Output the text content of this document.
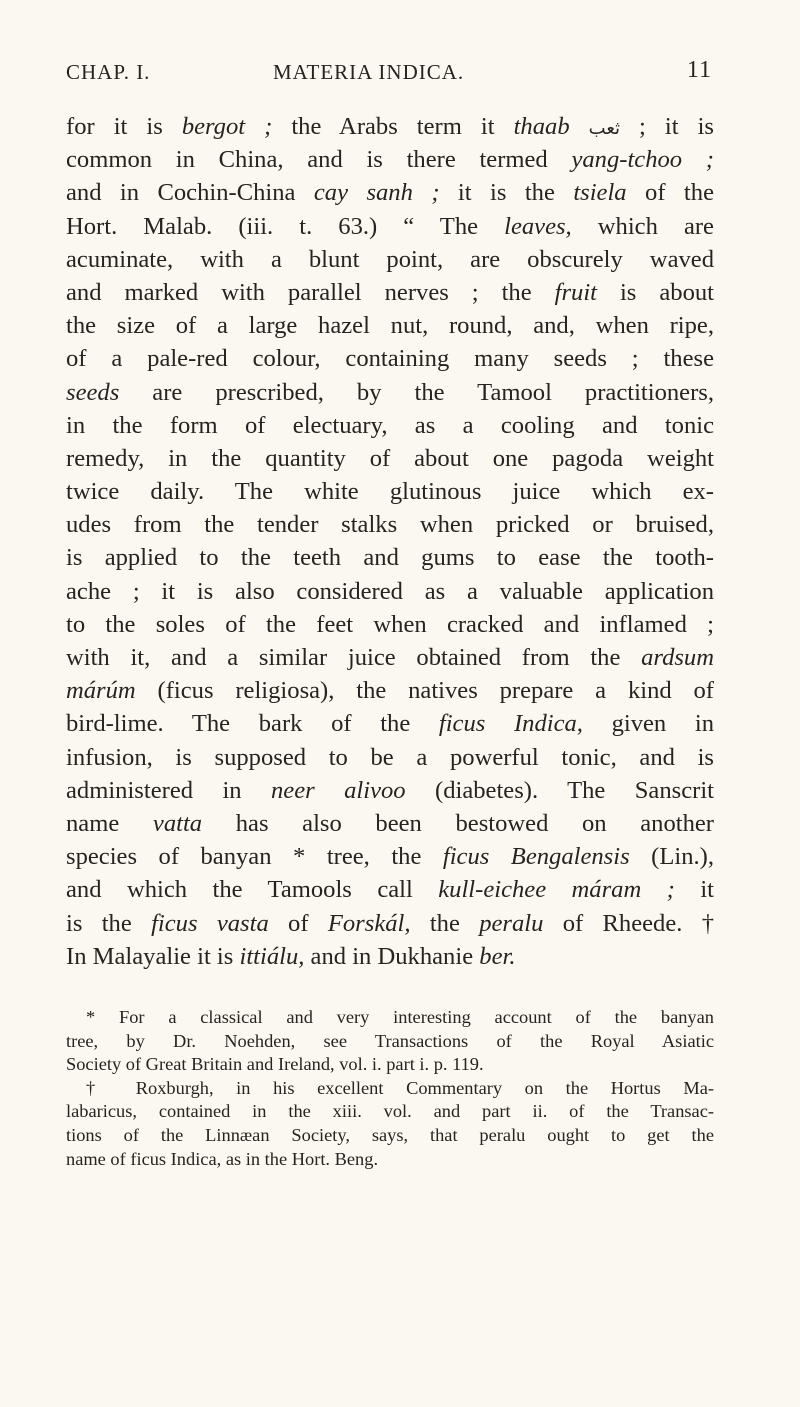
CHAP. I.	MATERIA INDICA.	11
for it is bergot ; the Arabs term it thaab ثعب ; it is
common in China, and is there termed yang-tchoo ;
and in Cochin-China cay sanh ; it is the tsiela of the
Hort. Malab. (iii. t. 63.) “ The leaves, which are
acuminate, with a blunt point, are obscurely waved
and marked with parallel nerves ; the fruit is about
the size of a large hazel nut, round, and, when ripe,
of a pale-red colour, containing many seeds ; these
seeds are prescribed, by the Tamool practitioners,
in the form of electuary, as a cooling and tonic
remedy, in the quantity of about one pagoda weight
twice daily. The white glutinous juice which ex-
udes from the tender stalks when pricked or bruised,
is applied to the teeth and gums to ease the tooth-
ache ; it is also considered as a valuable application
to the soles of the feet when cracked and inflamed ;
with it, and a similar juice obtained from the ardsum
márúm (ficus religiosa), the natives prepare a kind of
bird-lime. The bark of the ficus Indica, given in
infusion, is supposed to be a powerful tonic, and is
administered in neer alivoo (diabetes). The Sanscrit
name vatta has also been bestowed on another
species of banyan * tree, the ficus Bengalensis (Lin.),
and which the Tamools call kull-eichee máram ; it
is the ficus vasta of Forskál, the peralu of Rheede. †
In Malayalie it is ittiálu, and in Dukhanie ber.
* For a classical and very interesting account of the banyan
tree, by Dr. Noehden, see Transactions of the Royal Asiatic
Society of Great Britain and Ireland, vol. i. part i. p. 119.
† Roxburgh, in his excellent Commentary on the Hortus Ma-
labaricus, contained in the xiii. vol. and part ii. of the Transac-
tions of the Linnæan Society, says, that peralu ought to get the
name of ficus Indica, as in the Hort. Beng.
